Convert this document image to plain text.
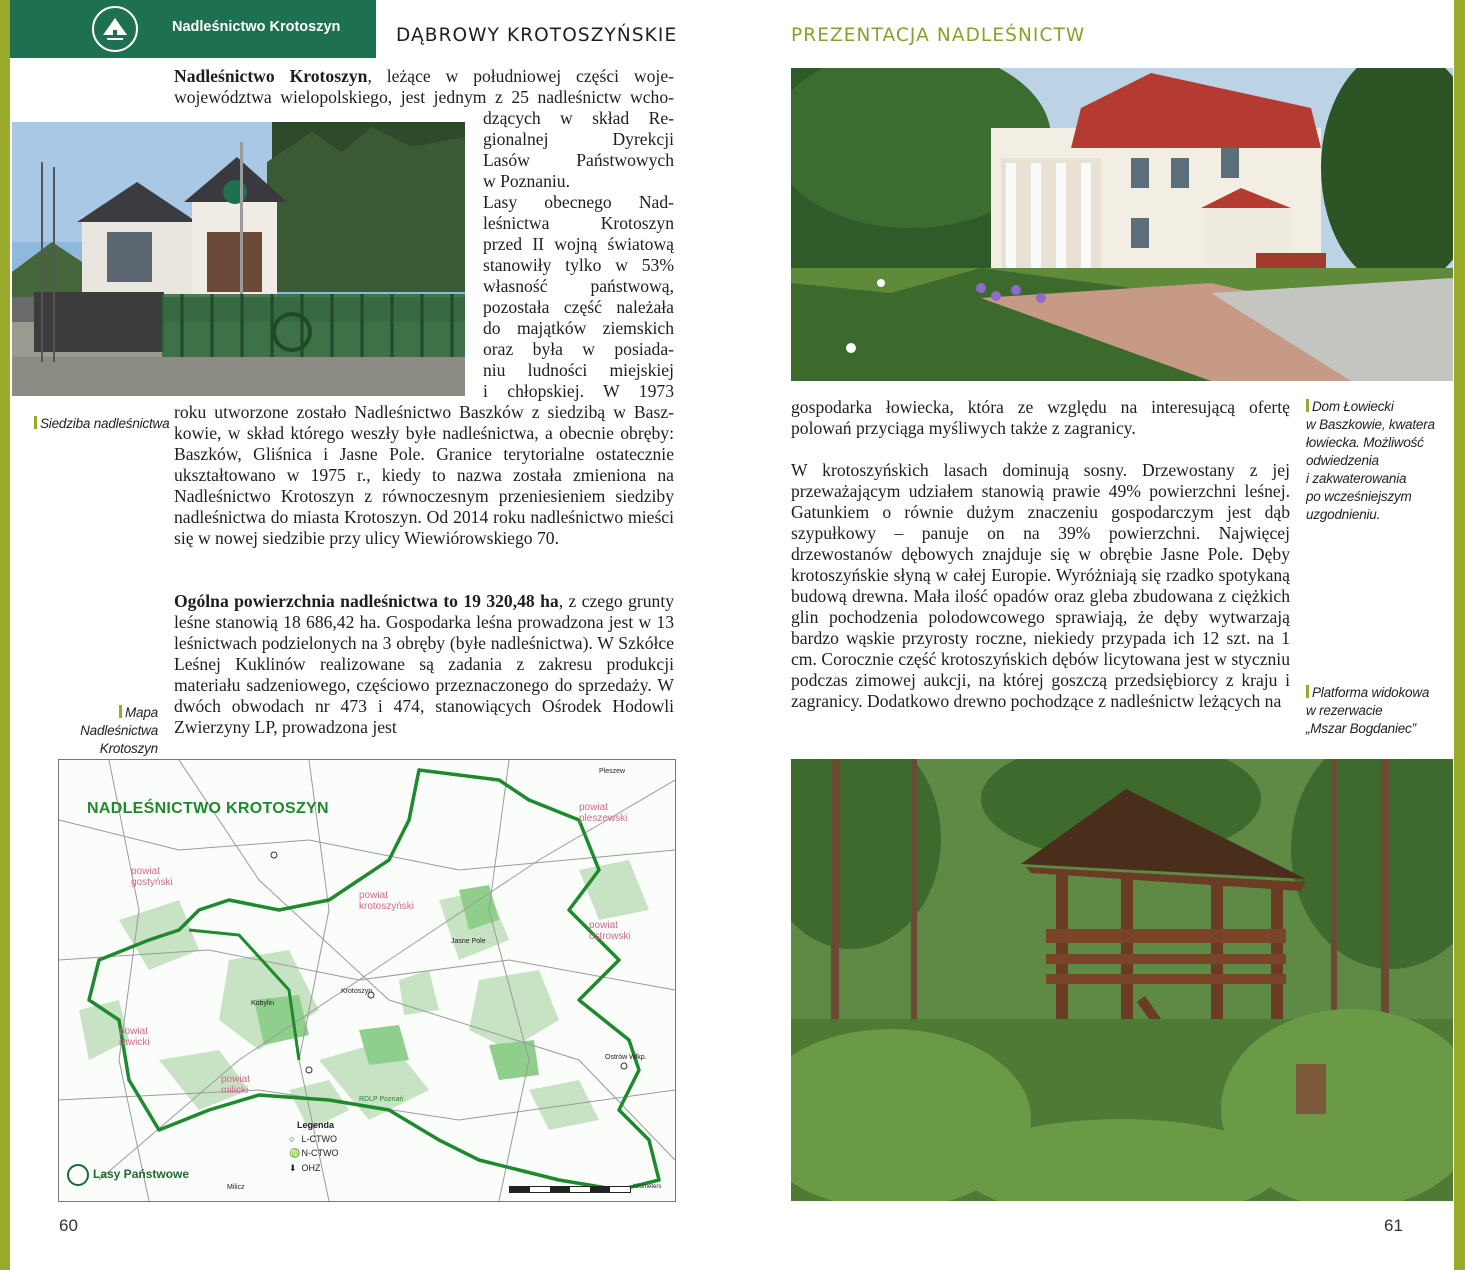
Nadleśnictwo Krotoszyn	DĄBROWY KROTOSZYŃSKIE
Nadleśnictwo Krotoszyn, leżące w południowej części woje-
województwa wielopolskiego, jest jednym z 25 nadleśnictw wcho-

dzących w skład Re-

gionalnej Dyrekcji

Lasów Państwowych

w Poznaniu.

Lasy obecnego Nad-

leśnictwa Krotoszyn

przed II wojną światową

stanowiły tylko w 53%

własność państwową,

pozostała część należała

do majątków ziemskich

oraz była w posiada-

niu ludności miejskiej

i chłopskiej. W 1973

Siedziba nadleśnictwa
roku utworzone zostało Nadleśnictwo Baszków z siedzibą w Basz-kowie, w skład którego weszły byłe nadleśnictwa, a obecnie obręby: Baszków, Gliśnica i Jasne Pole. Granice terytorialne ostatecznie ukształtowano w 1975 r., kiedy to nazwa została zmieniona na Nadleśnictwo Krotoszyn z równoczesnym przeniesieniem siedziby nadleśnictwa do miasta Krotoszyn. Od 2014 roku nadleśnictwo mieści się w nowej siedzibie przy ulicy Wiewiórowskiego 70.
Ogólna powierzchnia nadleśnictwa to 19 320,48 ha, z czego grunty leśne stanowią 18 686,42 ha. Gospodarka leśna prowadzona jest w 13 leśnictwach podzielonych na 3 obręby (byłe nadleśnictwa). W Szkółce Leśnej Kuklinów realizowane są zadania z zakresu produkcji materiału sadzeniowego, częściowo przeznaczonego do sprzedaży. W dwóch obwodach nr 473 i 474, stanowiących Ośrodek Hodowli Zwierzyny LP, prowadzona jest
Mapa Nadleśnictwa
Krotoszyn
NADLEŚNICTWO KROTOSZYN
powiat gostyński
powiat krotoszyński
powiat pleszewski
powiat ostrowski
powiat rawicki
powiat milicki
Krotoszyn
Jasne Pole
Pleszew
Kobylin
Milicz
Ostrów Wlkp.
RDLP Poznań
Legenda
○ L-CTWO
♍ N-CTWO
⬇ OHZ
Lasy Państwowe
Kilometers
60
PREZENTACJA NADLEŚNICTW

gospodarka łowiecka, która ze względu na interesującą ofertę

polowań przyciąga myśliwych także z zagranicy.

Dom Łowiecki
w Baszkowie, kwatera
łowiecka. Możliwość
odwiedzenia
i zakwaterowania
po wcześniejszym
uzgodnieniu.
W krotoszyńskich lasach dominują sosny. Drzewostany z jej przeważającym udziałem stanowią prawie 49% powierzchni leśnej. Gatunkiem o równie dużym znaczeniu gospodarczym jest dąb szypułkowy – panuje on na 39% powierzchni. Najwięcej drzewostanów dębowych znajduje się w obrębie Jasne Pole. Dęby krotoszyńskie słyną w całej Europie. Wyróżniają się rzadko spotykaną budową drewna. Mała ilość opadów oraz gleba zbudowana z ciężkich glin pochodzenia polodowcowego sprawiają, że dęby wytwarzają bardzo wąskie przyrosty roczne, niekiedy przypada ich 12 szt. na 1 cm. Corocznie część krotoszyńskich dębów licytowana jest w styczniu podczas zimowej aukcji, na której goszczą przedsiębiorcy z kraju i zagranicy. Dodatkowo drewno pochodzące z nadleśnictw leżących na	Platforma widokowa
w rezerwacie
„Mszar Bogdaniec”
61
